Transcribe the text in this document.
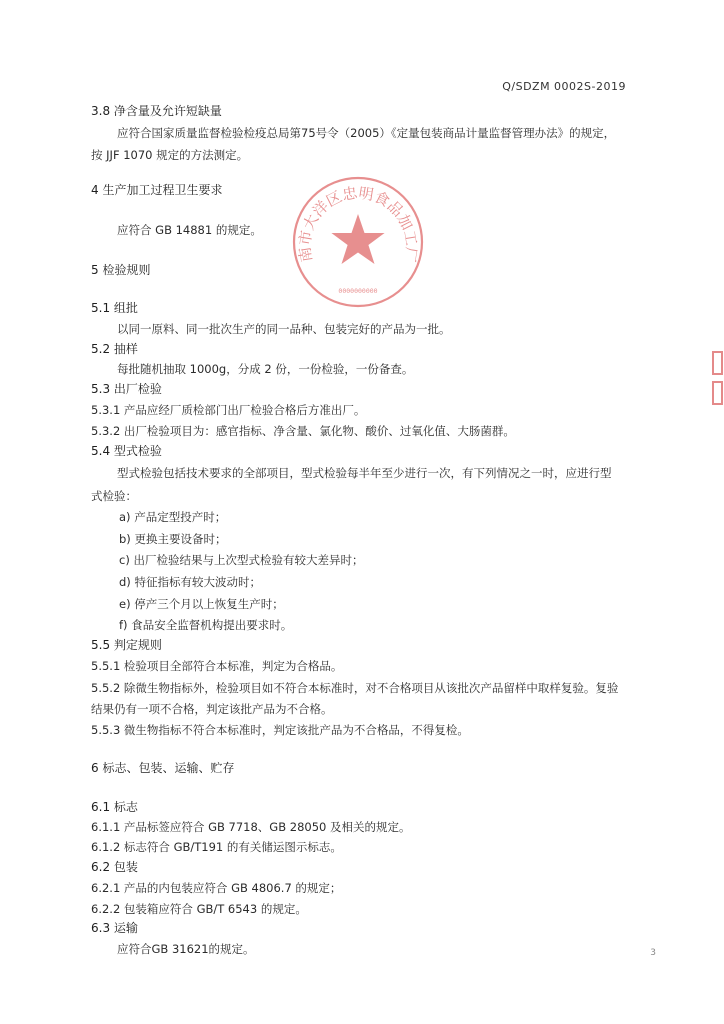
Q/SDZM 0002S-2019
3.8 净含量及允许短缺量
应符合国家质量监督检验检疫总局第75号令（2005）《定量包装商品计量监督管理办法》的规定，
按 JJF 1070 规定的方法测定。
4 生产加工过程卫生要求
应符合 GB 14881 的规定。
5 检验规则
5.1 组批
以同一原料、同一批次生产的同一品种、包装完好的产品为一批。
5.2 抽样
每批随机抽取 1000g，分成 2 份，一份检验，一份备查。
5.3 出厂检验
5.3.1 产品应经厂质检部门出厂检验合格后方准出厂。
5.3.2 出厂检验项目为：感官指标、净含量、氯化物、酸价、过氧化值、大肠菌群。
5.4 型式检验
型式检验包括技术要求的全部项目，型式检验每半年至少进行一次，有下列情况之一时，应进行型
式检验：
a) 产品定型投产时；
b) 更换主要设备时；
c) 出厂检验结果与上次型式检验有较大差异时；
d) 特征指标有较大波动时；
e) 停产三个月以上恢复生产时；
f) 食品安全监督机构提出要求时。
5.5 判定规则
5.5.1 检验项目全部符合本标准，判定为合格品。
5.5.2 除微生物指标外，检验项目如不符合本标准时，对不合格项目从该批次产品留样中取样复验。复验
结果仍有一项不合格，判定该批产品为不合格。
5.5.3 微生物指标不符合本标准时，判定该批产品为不合格品，不得复检。
6 标志、包装、运输、贮存
6.1 标志
6.1.1 产品标签应符合 GB 7718、GB 28050 及相关的规定。
6.1.2 标志符合 GB/T191 的有关储运图示标志。
6.2 包装
6.2.1 产品的内包装应符合 GB 4806.7 的规定；
6.2.2 包装箱应符合 GB/T 6543 的规定。
6.3 运输
应符合GB 31621的规定。
南市大洋区忠明食品加工厂
0000000000
3
